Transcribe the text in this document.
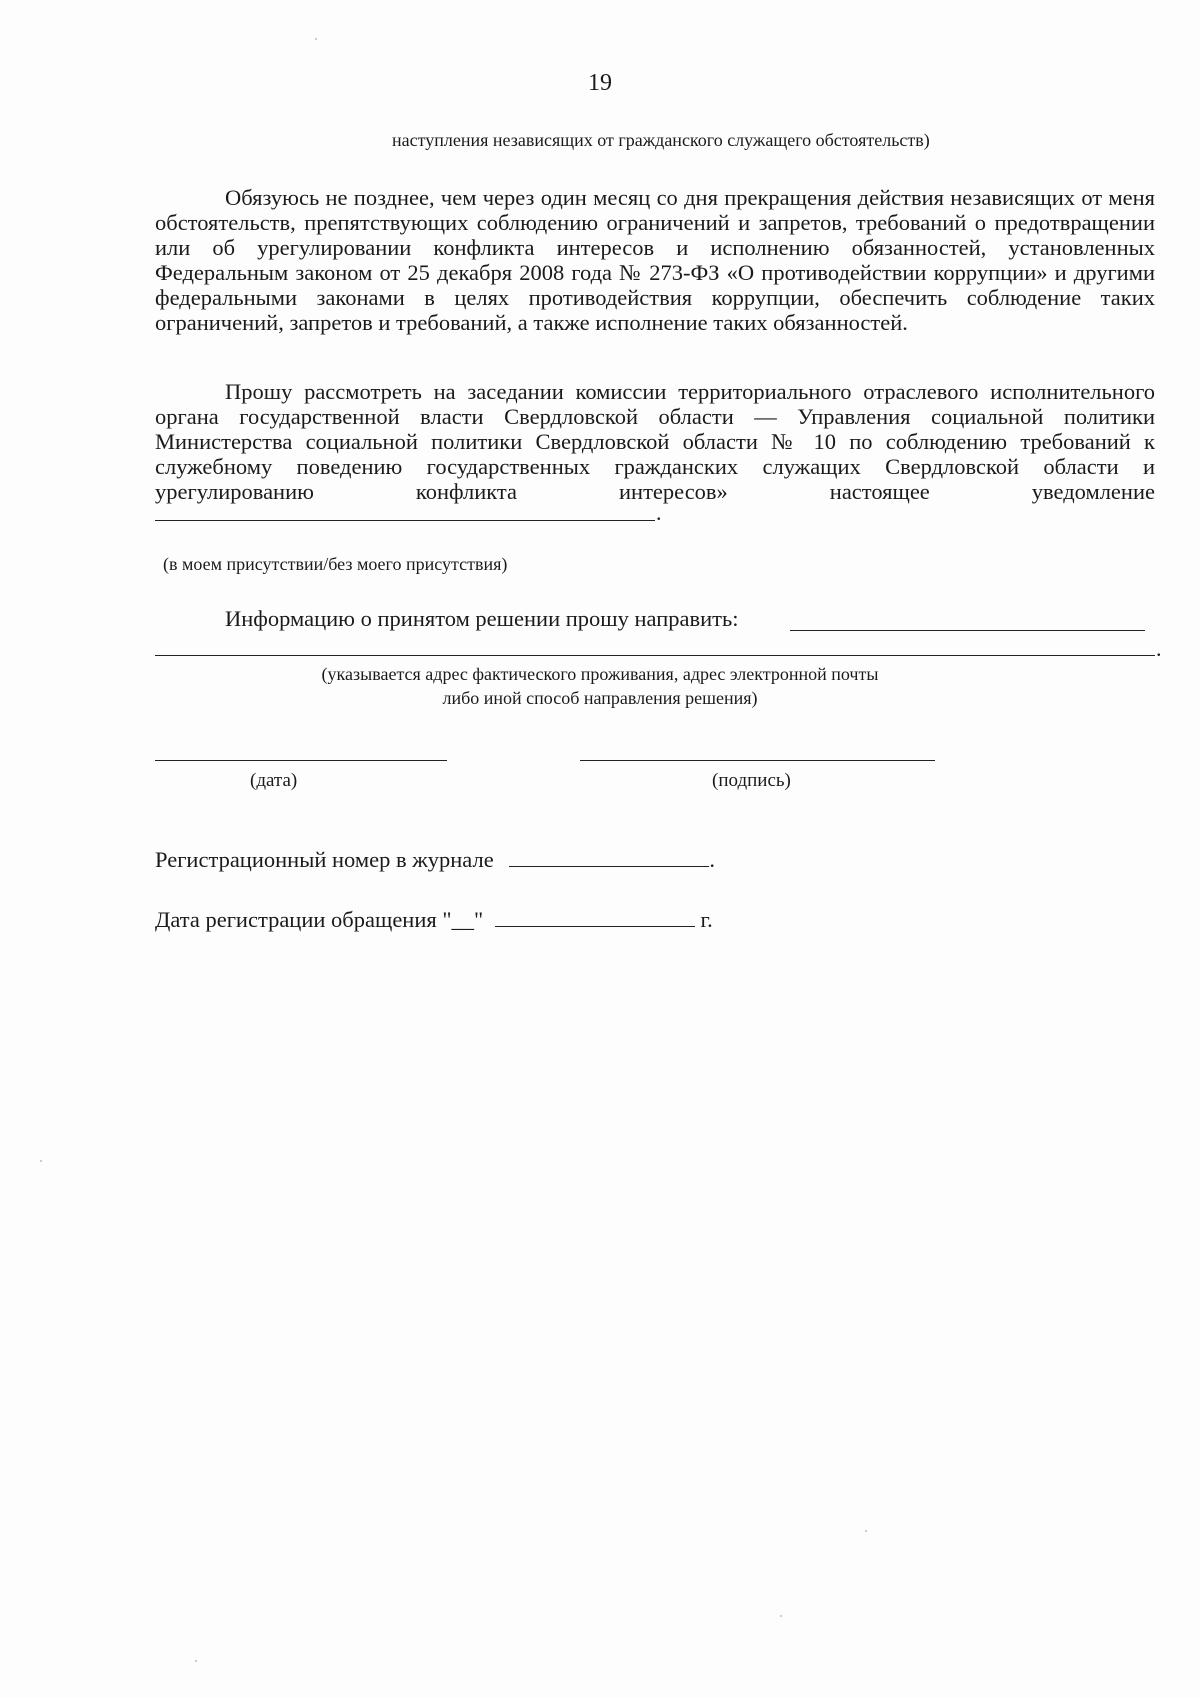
19
наступления независящих от гражданского служащего обстоятельств)
Обязуюсь не позднее, чем через один месяц со дня прекращения действия независящих от меня обстоятельств, препятствующих соблюдению ограничений и запретов, требований о предотвращении или об урегулировании конфликта интересов и исполнению обязанностей, установленных Федеральным законом от 25 декабря 2008 года № 273-ФЗ «О противодействии коррупции» и другими федеральными законами в целях противодействия коррупции, обеспечить соблюдение таких ограничений, запретов и требований, а также исполнение таких обязанностей.
Прошу рассмотреть на заседании комиссии территориального отраслевого исполнительного органа государственной власти Свердловской области — Управления социальной политики Министерства социальной политики Свердловской области № 10 по соблюдению требований к служебному поведению государственных гражданских служащих Свердловской области и урегулированию конфликта интересов» настоящее уведомление
.
(в моем присутствии/без моего присутствия)
Информацию о принятом решении прошу направить:
.
(указывается адрес фактического проживания, адрес электронной почты
либо иной способ направления решения)
(дата)	(подпись)
Регистрационный номер в журнале	.
Дата регистрации обращения "__"	г.
